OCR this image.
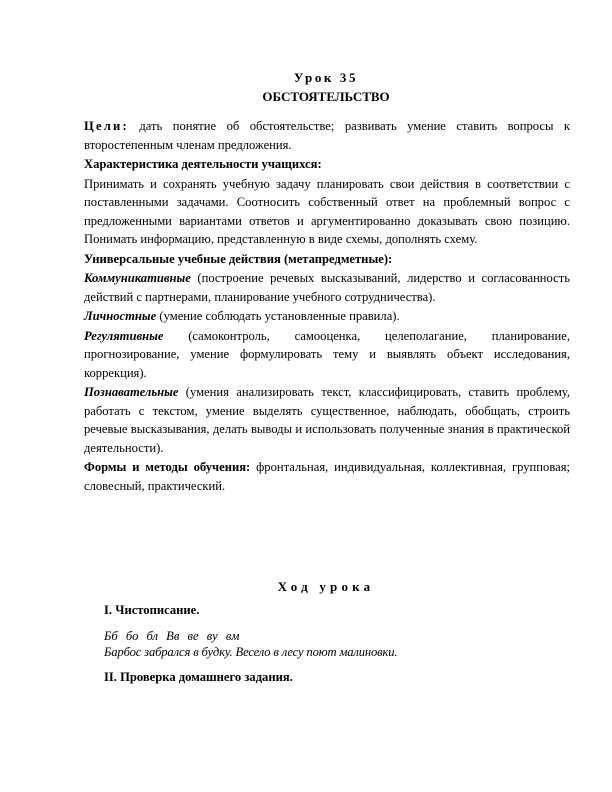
Урок 35
ОБСТОЯТЕЛЬСТВО

Цели: дать понятие об обстоятельстве; развивать умение ставить вопросы к второстепенным членам предложения.

Характеристика деятельности учащихся:

Принимать и сохранять учебную задачу планировать свои действия в соответствии с поставленными задачами. Соотносить собственный ответ на проблемный вопрос с предложенными вариантами ответов и аргументированно доказывать свою позицию. Понимать информацию, представленную в виде схемы, дополнять схему.

Универсальные учебные действия (метапредметные):

Коммуникативные (построение речевых высказываний, лидерство и согласованность действий с партнерами, планирование учебного сотрудничества).

Личностные (умение соблюдать установленные правила).

Регулятивные (самоконтроль, самооценка, целеполагание, планирование, прогнозирование, умение формулировать тему и выявлять объект исследования, коррекция).

Познавательные (умения анализировать текст, классифицировать, ставить проблему, работать с текстом, умение выделять существенное, наблюдать, обобщать, строить речевые высказывания, делать выводы и использовать полученные знания в практической деятельности).

Формы и методы обучения: фронтальная, индивидуальная, коллективная, групповая; словесный, практический.

Ход урока
I. Чистописание.
Бб бо бл Вв ве ву вм
Барбос забрался в будку. Весело в лесу поют малиновки.
II. Проверка домашнего задания.
